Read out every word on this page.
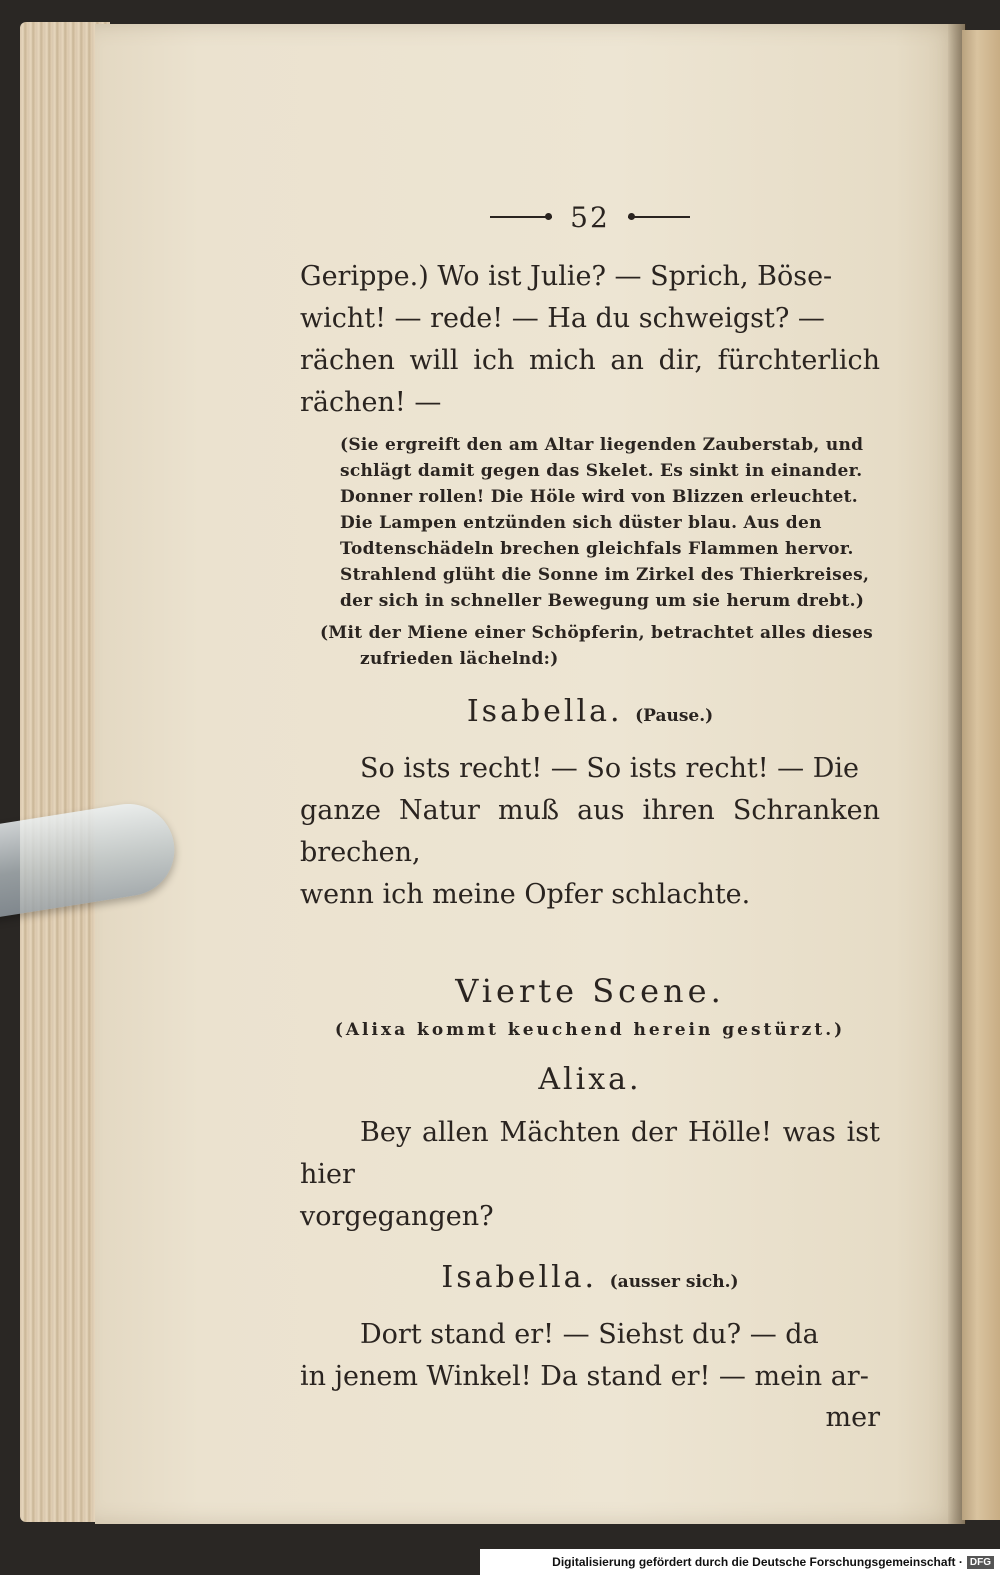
52

Gerippe.) Wo ist Julie? — Sprich, Böse-

wicht! — rede! — Ha du schweigst? —

rächen will ich mich an dir, fürchterlich rächen! —

(Sie ergreift den am Altar liegenden Zauberstab, und
schlägt damit gegen das Skelet. Es sinkt in einander.
Donner rollen! Die Höle wird von Blizzen erleuchtet.
Die Lampen entzünden sich düster blau. Aus den
Todtenschädeln brechen gleichfals Flammen hervor.
Strahlend glüht die Sonne im Zirkel des Thierkreises,
der sich in schneller Bewegung um sie herum drebt.)
(Mit der Miene einer Schöpferin, betrachtet alles dieses
zufrieden lächelnd:)
Isabella. (Pause.)

So ists recht! — So ists recht! — Die

ganze Natur muß aus ihren Schranken brechen,

wenn ich meine Opfer schlachte.

Vierte Scene.
(Alixa kommt keuchend herein gestürzt.)
Alixa.

Bey allen Mächten der Hölle! was ist hier

vorgegangen?

Isabella. (ausser sich.)

Dort stand er! — Siehst du? — da

in jenem Winkel! Da stand er! — mein ar-

mer
Digitalisierung gefördert durch die Deutsche Forschungsgemeinschaft · DFG
